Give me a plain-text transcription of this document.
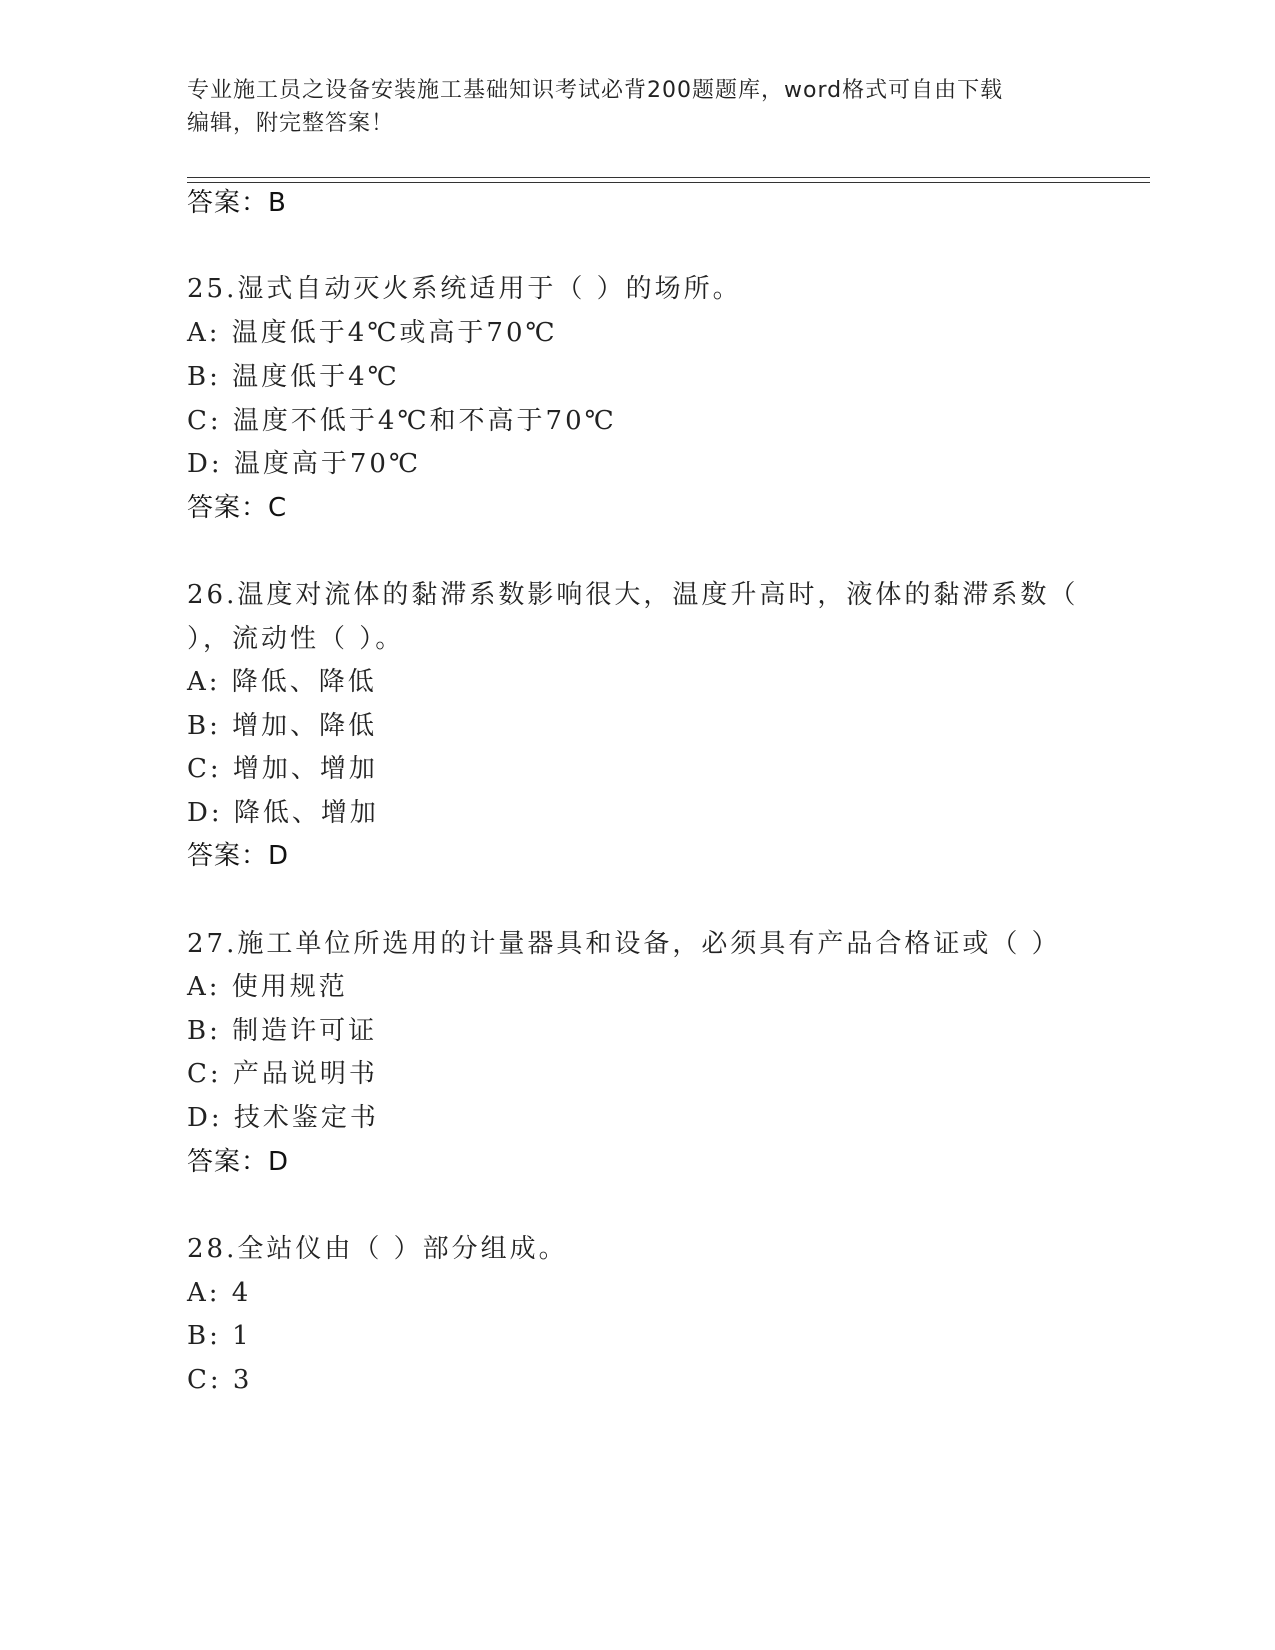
专业施工员之设备安装施工基础知识考试必背200题题库，word格式可自由下载
编辑，附完整答案！
答案：B
25.湿式自动灭火系统适用于（ ）的场所。
A: 温度低于4℃或高于70℃
B: 温度低于4℃
C: 温度不低于4℃和不高于70℃
D: 温度高于70℃
答案：C
26.温度对流体的黏滞系数影响很大，温度升高时，液体的黏滞系数（
），流动性（ ）。
A: 降低、降低
B: 增加、降低
C: 增加、增加
D: 降低、增加
答案：D
27.施工单位所选用的计量器具和设备，必须具有产品合格证或（ ）
A: 使用规范
B: 制造许可证
C: 产品说明书
D: 技术鉴定书
答案：D
28.全站仪由（ ）部分组成。
A: 4
B: 1
C: 3
